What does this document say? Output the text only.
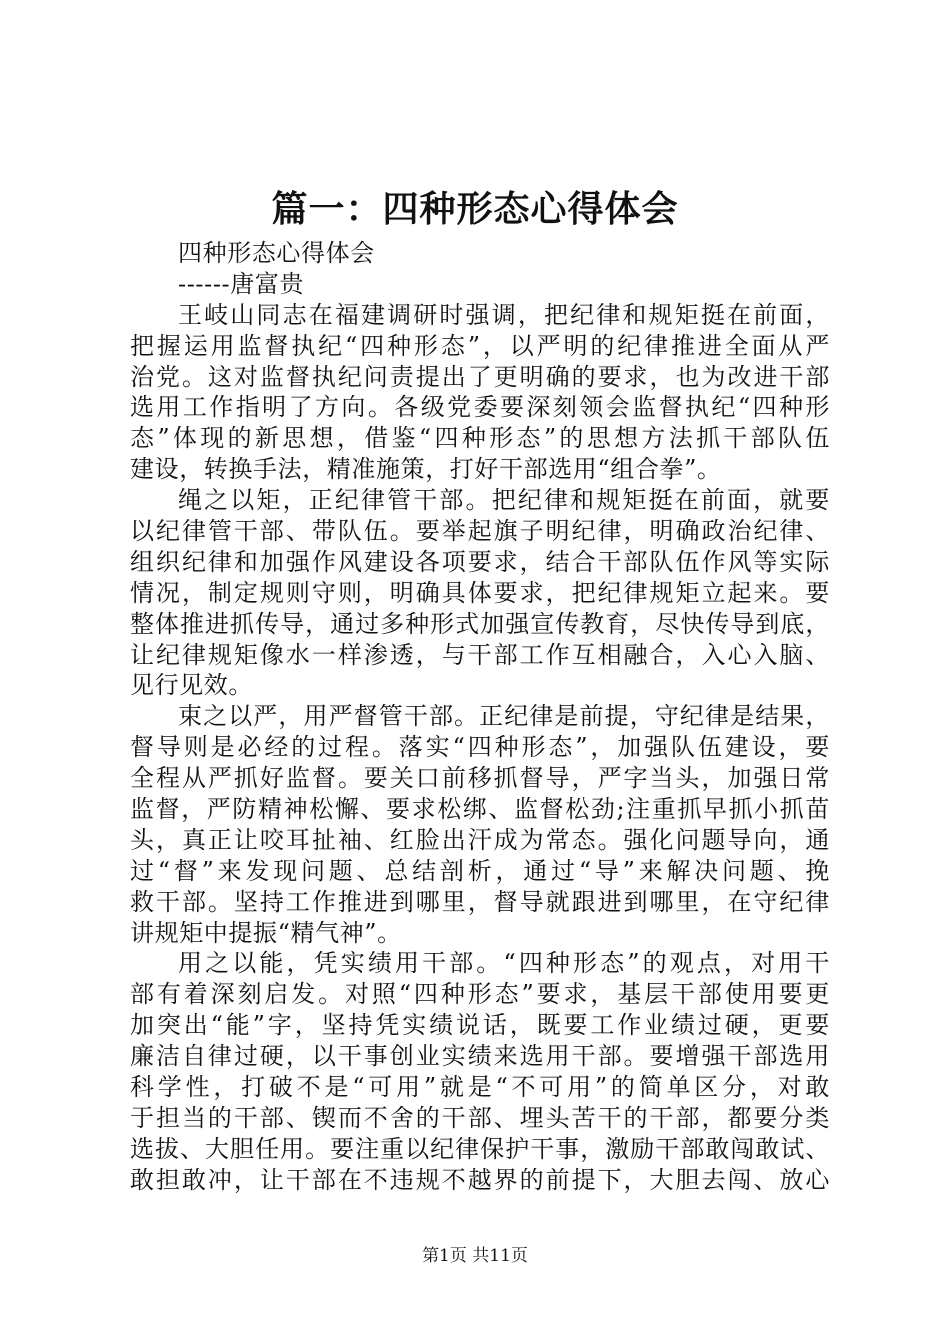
篇一：四种形态心得体会
四种形态心得体会
------唐富贵
王岐山同志在福建调研时强调，把纪律和规矩挺在前面，
把握运用监督执纪“四种形态”，以严明的纪律推进全面从严
治党。这对监督执纪问责提出了更明确的要求，也为改进干部
选用工作指明了方向。各级党委要深刻领会监督执纪“四种形
态”体现的新思想，借鉴“四种形态”的思想方法抓干部队伍
建设，转换手法，精准施策，打好干部选用“组合拳”。
绳之以矩，正纪律管干部。把纪律和规矩挺在前面，就要
以纪律管干部、带队伍。要举起旗子明纪律，明确政治纪律、
组织纪律和加强作风建设各项要求，结合干部队伍作风等实际
情况，制定规则守则，明确具体要求，把纪律规矩立起来。要
整体推进抓传导，通过多种形式加强宣传教育，尽快传导到底，
让纪律规矩像水一样渗透，与干部工作互相融合，入心入脑、
见行见效。
束之以严，用严督管干部。正纪律是前提，守纪律是结果，
督导则是必经的过程。落实“四种形态”，加强队伍建设，要
全程从严抓好监督。要关口前移抓督导，严字当头，加强日常
监督，严防精神松懈、要求松绑、监督松劲;注重抓早抓小抓苗
头，真正让咬耳扯袖、红脸出汗成为常态。强化问题导向，通
过“督”来发现问题、总结剖析，通过“导”来解决问题、挽
救干部。坚持工作推进到哪里，督导就跟进到哪里，在守纪律
讲规矩中提振“精气神”。
用之以能，凭实绩用干部。“四种形态”的观点，对用干
部有着深刻启发。对照“四种形态”要求，基层干部使用要更
加突出“能”字，坚持凭实绩说话，既要工作业绩过硬，更要
廉洁自律过硬，以干事创业实绩来选用干部。要增强干部选用
科学性，打破不是“可用”就是“不可用”的简单区分，对敢
于担当的干部、锲而不舍的干部、埋头苦干的干部，都要分类
选拔、大胆任用。要注重以纪律保护干事，激励干部敢闯敢试、
敢担敢冲，让干部在不违规不越界的前提下，大胆去闯、放心
第1页 共11页
